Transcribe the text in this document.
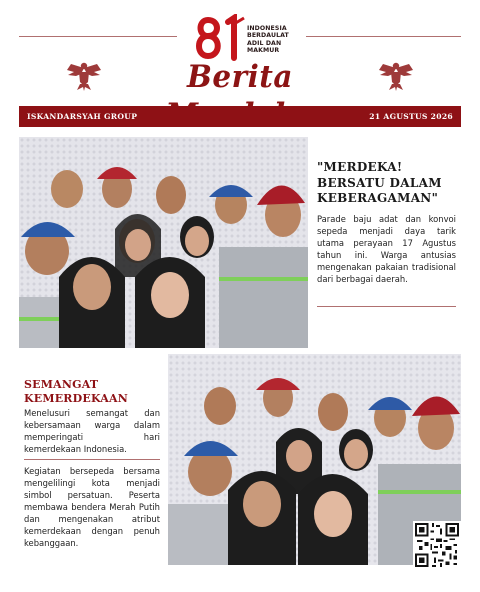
INDONESIA
BERDAULAT
ADIL DAN
MAKMUR
Berita
ISKANDARSYAH GROUP	21 AGUSTUS 2026
"MERDEKA! BERSATU DALAM KEBERAGAMAN"
Parade baju adat dan konvoi sepeda menjadi daya tarik utama perayaan 17 Agustus tahun ini. Warga antusias mengenakan pakaian tradisional dari berbagai daerah.
SEMANGAT KEMERDEKAAN
Menelusuri semangat dan kebersamaan warga dalam memperingati hari kemerdekaan Indonesia.
Kegiatan bersepeda bersama mengelilingi kota menjadi simbol persatuan. Peserta membawa bendera Merah Putih dan mengenakan atribut kemerdekaan dengan penuh kebanggaan.
